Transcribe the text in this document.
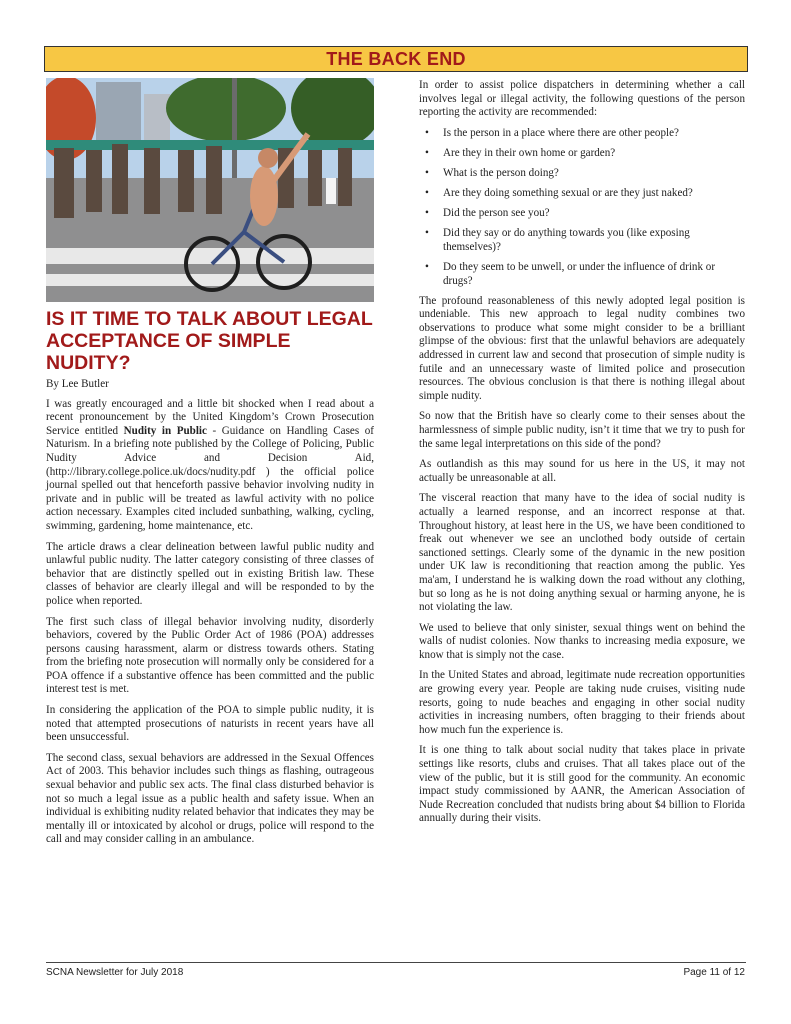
THE BACK END
IS IT TIME TO TALK ABOUT LEGAL ACCEPTANCE OF SIMPLE NUDITY?
By Lee Butler

I was greatly encouraged and a little bit shocked when I read about a recent pronouncement by the United Kingdom’s Crown Prosecution Service entitled Nudity in Public - Guidance on Handling Cases of Naturism. In a briefing note published by the College of Policing, Public Nudity Advice and Decision Aid, (http://library.college.police.uk/docs/nudity.pdf ) the official police journal spelled out that henceforth passive behavior involving nudity in private and in public will be treated as lawful activity with no police action necessary. Examples cited included sunbathing, walking, cycling, swimming, gardening, home maintenance, etc.

The article draws a clear delineation between lawful public nudity and unlawful public nudity. The latter category consisting of three classes of behavior that are distinctly spelled out in existing British law. These classes of behavior are clearly illegal and will be responded to by the police when reported.

The first such class of illegal behavior involving nudity, disorderly behaviors, covered by the Public Order Act of 1986 (POA) addresses persons causing harassment, alarm or distress towards others. Stating from the briefing note prosecution will normally only be considered for a POA offence if a substantive offence has been committed and the public interest test is met.

In considering the application of the POA to simple public nudity, it is noted that attempted prosecutions of naturists in recent years have all been unsuccessful.

The second class, sexual behaviors are addressed in the Sexual Offences Act of 2003. This behavior includes such things as flashing, outrageous sexual behavior and public sex acts. The final class disturbed behavior is not so much a legal issue as a public health and safety issue. When an individual is exhibiting nudity related behavior that indicates they may be mentally ill or intoxicated by alcohol or drugs, police will respond to the call and may consider calling in an ambulance.

In order to assist police dispatchers in determining whether a call involves legal or illegal activity, the following questions of the person reporting the activity are recommended:

• Is the person in a place where there are other people?
• Are they in their own home or garden?
• What is the person doing?
• Are they doing something sexual or are they just naked?
• Did the person see you?
• Did they say or do anything towards you (like exposing themselves)?
• Do they seem to be unwell, or under the influence of drink or drugs?

The profound reasonableness of this newly adopted legal position is undeniable. This new approach to legal nudity combines two observations to produce what some might consider to be a brilliant glimpse of the obvious: first that the unlawful behaviors are adequately addressed in current law and second that prosecution of simple nudity is futile and an unnecessary waste of limited police and prosecution resources. The obvious conclusion is that there is nothing illegal about simple nudity.

So now that the British have so clearly come to their senses about the harmlessness of simple public nudity, isn’t it time that we try to push for the same legal interpretations on this side of the pond?

As outlandish as this may sound for us here in the US, it may not actually be unreasonable at all.

The visceral reaction that many have to the idea of social nudity is actually a learned response, and an incorrect response at that. Throughout history, at least here in the US, we have been conditioned to freak out whenever we see an unclothed body outside of certain sanctioned settings. Clearly some of the dynamic in the new position under UK law is reconditioning that reaction among the public. Yes ma'am, I understand he is walking down the road without any clothing, but so long as he is not doing anything sexual or harming anyone, he is not violating the law.

We used to believe that only sinister, sexual things went on behind the walls of nudist colonies. Now thanks to increasing media exposure, we know that is simply not the case.

In the United States and abroad, legitimate nude recreation opportunities are growing every year. People are taking nude cruises, visiting nude resorts, going to nude beaches and engaging in other social nudity activities in increasing numbers, often bragging to their friends about how much fun the experience is.

It is one thing to talk about social nudity that takes place in private settings like resorts, clubs and cruises. That all takes place out of the view of the public, but it is still good for the community. An economic impact study commissioned by AANR, the American Association of Nude Recreation concluded that nudists bring about $4 billion to Florida annually during their visits.

SCNA Newsletter for July 2018	Page 11 of 12
